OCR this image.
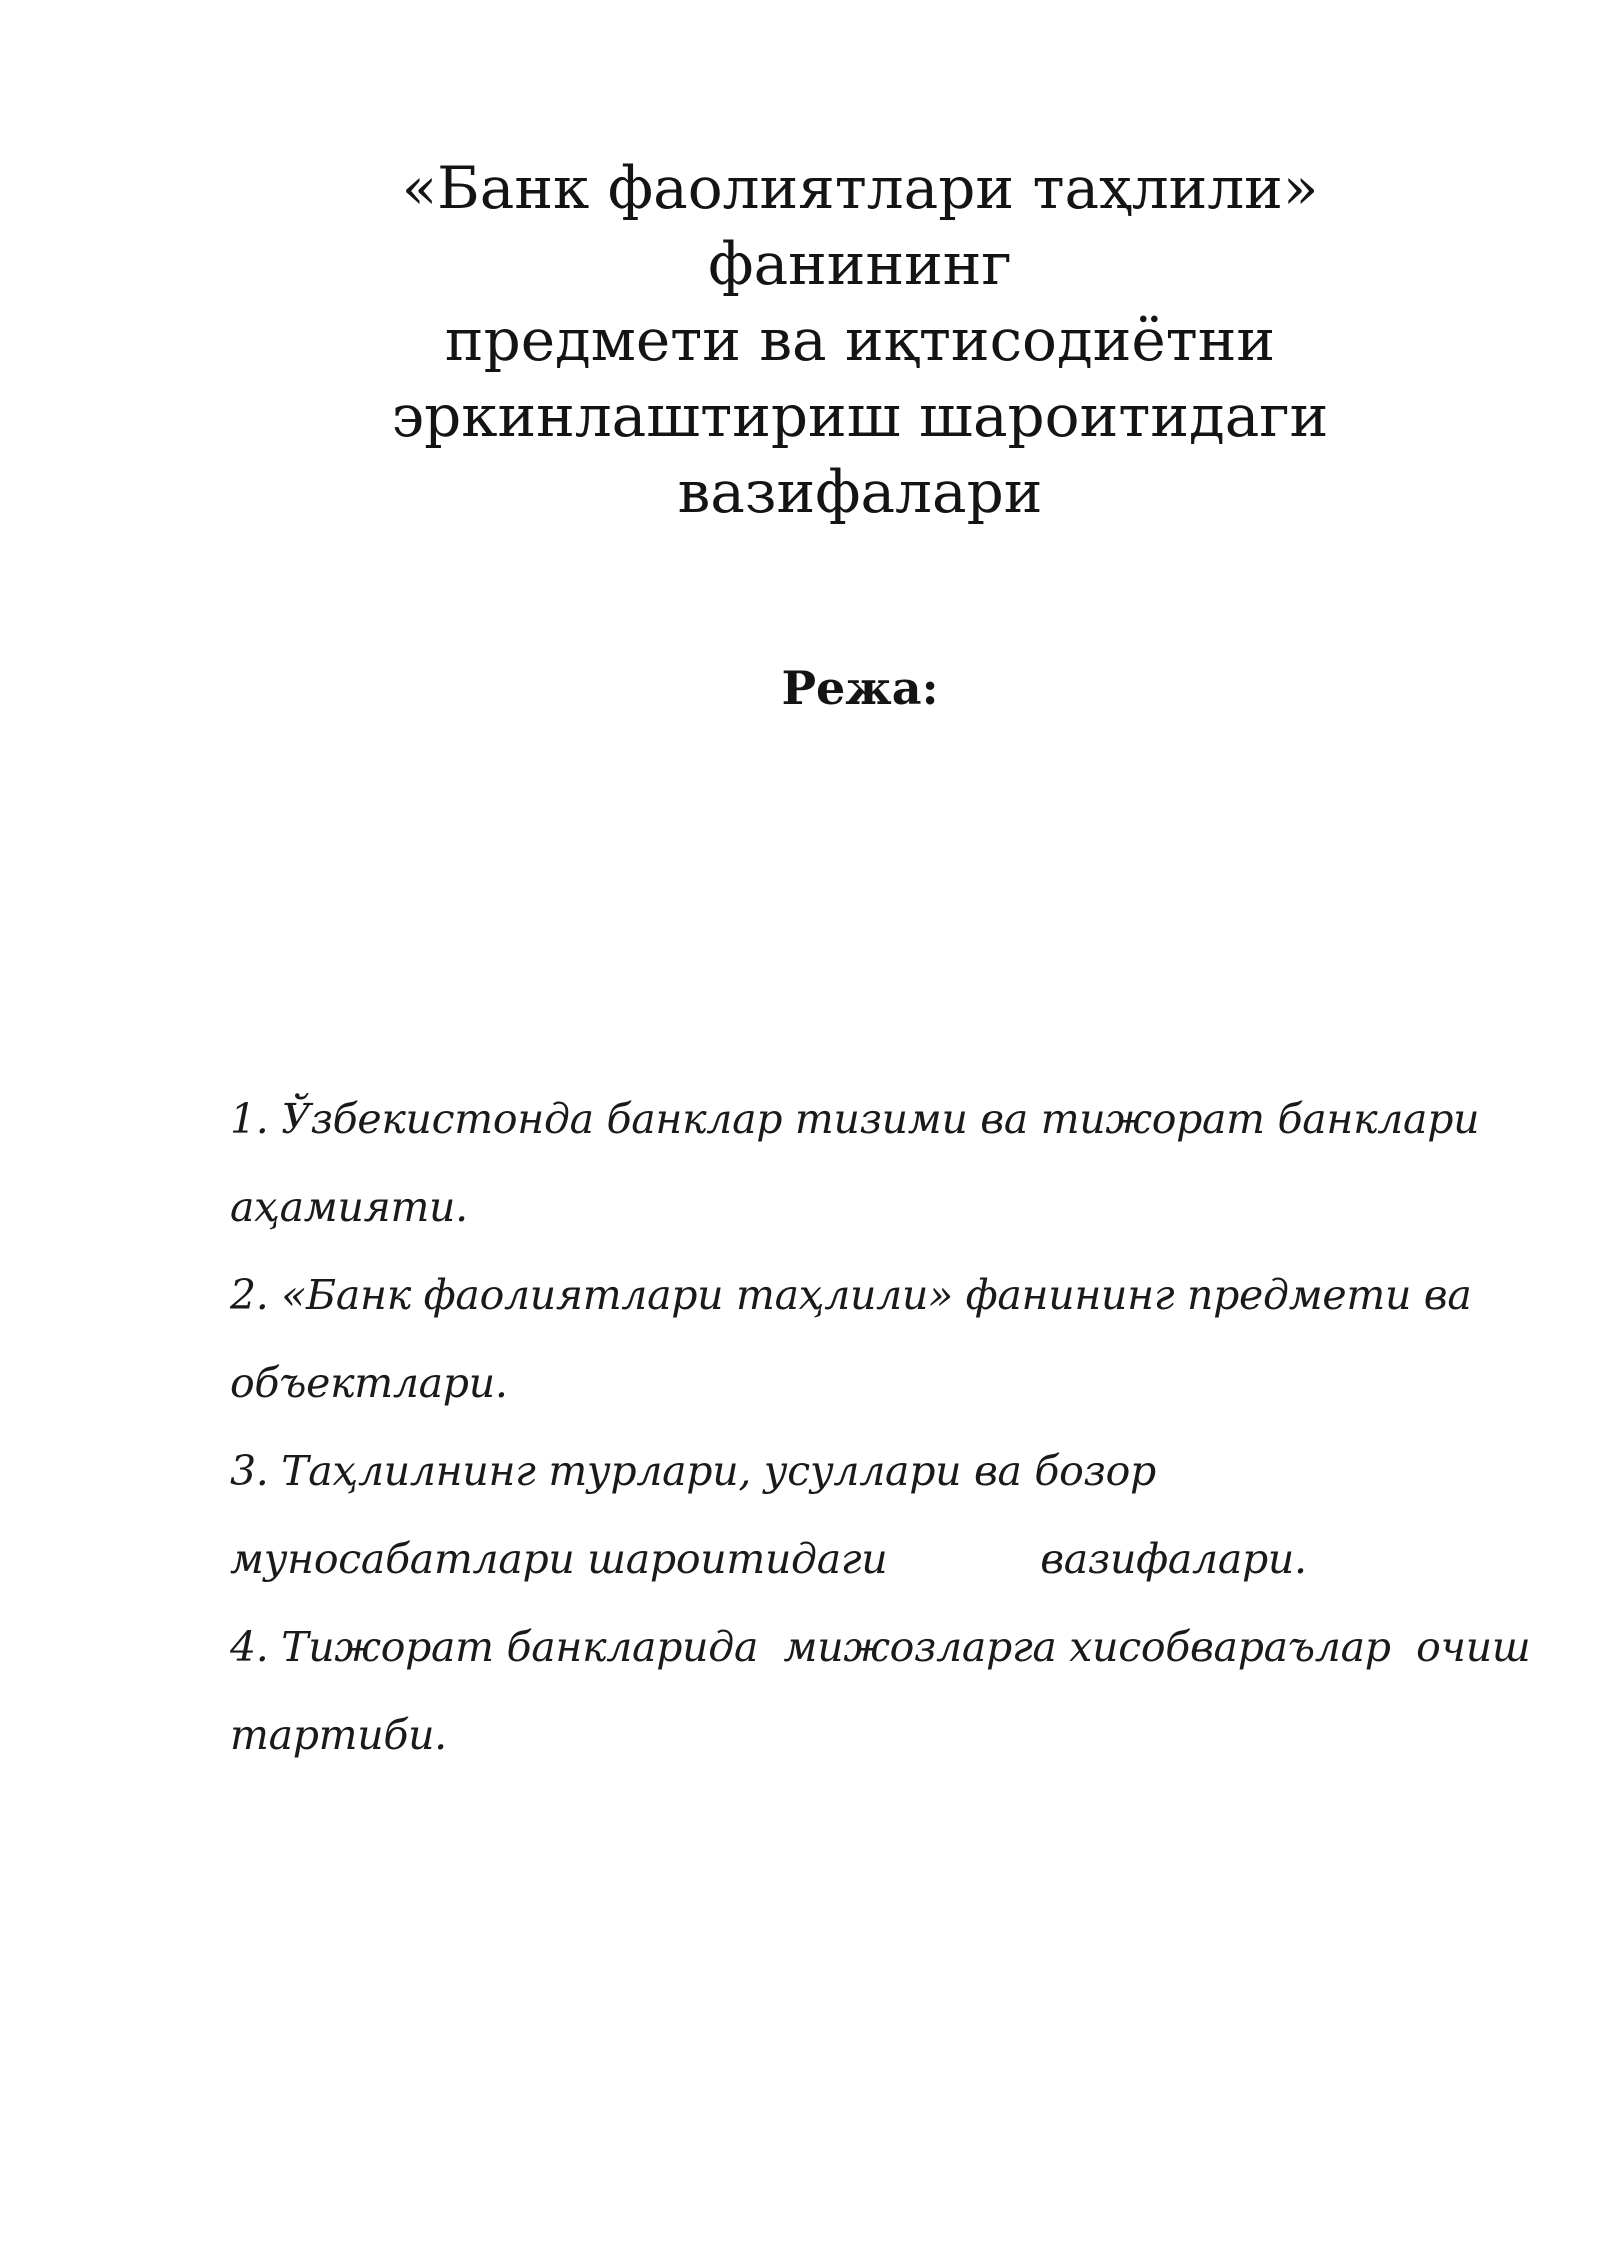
«Банк фаолиятлари таҳлили» фанининг
предмети ва иқтисодиётни
эркинлаштириш шароитидаги
вазифалари
Режа:
1. Ўзбекистонда банклар тизими ва тижорат банклари
аҳамияти.
2. «Банк фаолиятлари таҳлили» фанининг предмети ва
объектлари.
3. Таҳлилнинг турлари, усуллари ва бозор
муносабатлари шароитидаги            вазифалари.
4. Тижорат банкларида  мижозларга хисобвараълар  очиш
тартиби.
